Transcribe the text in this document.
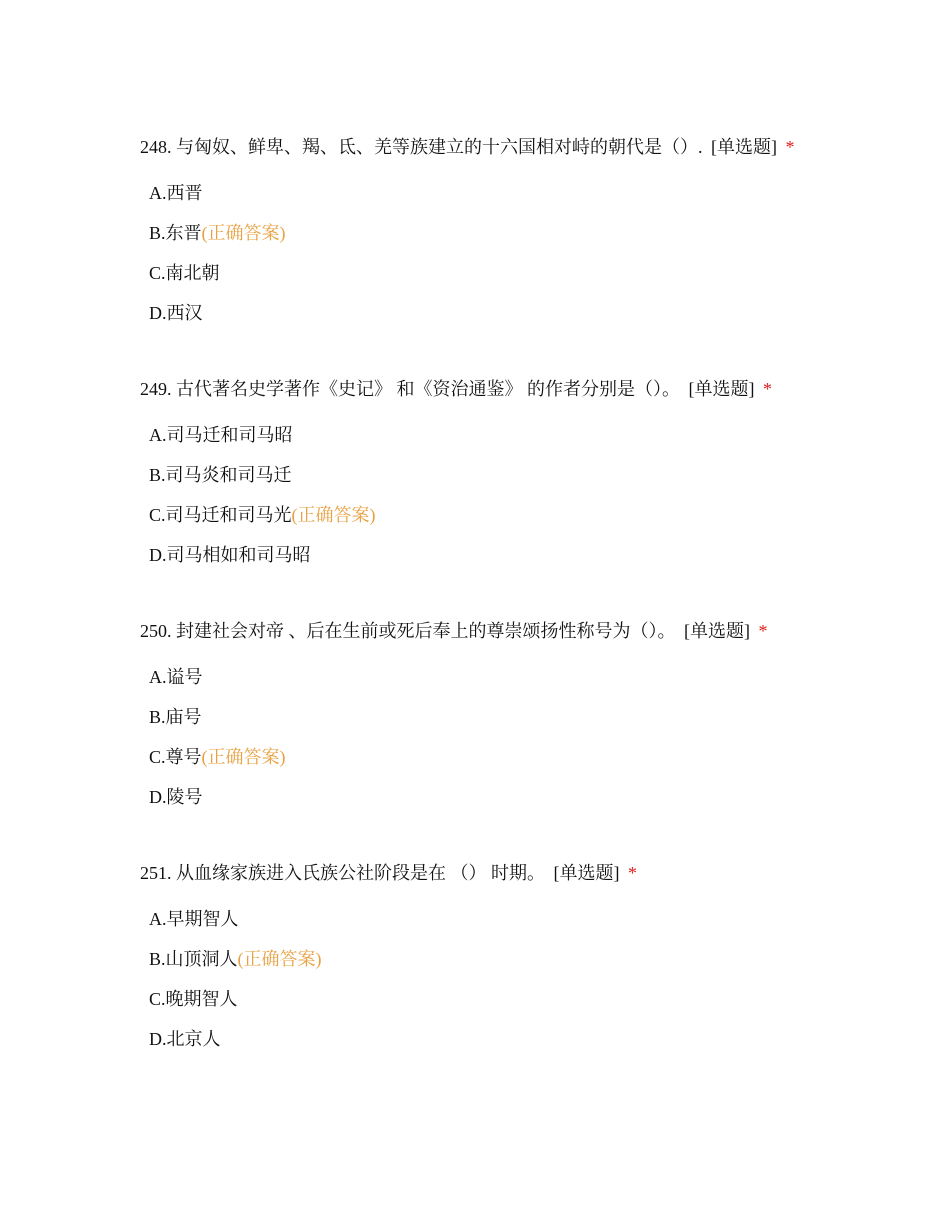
248. 与匈奴、鲜卑、羯、氐、羌等族建立的十六国相对峙的朝代是（）. [单选题] *
A.西晋
B.东晋(正确答案)
C.南北朝
D.西汉
249. 古代著名史学著作《史记》 和《资治通鉴》 的作者分别是（）。 [单选题] *
A.司马迁和司马昭
B.司马炎和司马迁
C.司马迁和司马光(正确答案)
D.司马相如和司马昭
250. 封建社会对帝 、后在生前或死后奉上的尊崇颂扬性称号为（）。 [单选题] *
A.谥号
B.庙号
C.尊号(正确答案)
D.陵号
251. 从血缘家族进入氏族公社阶段是在 （） 时期。 [单选题] *
A.早期智人
B.山顶洞人(正确答案)
C.晚期智人
D.北京人
